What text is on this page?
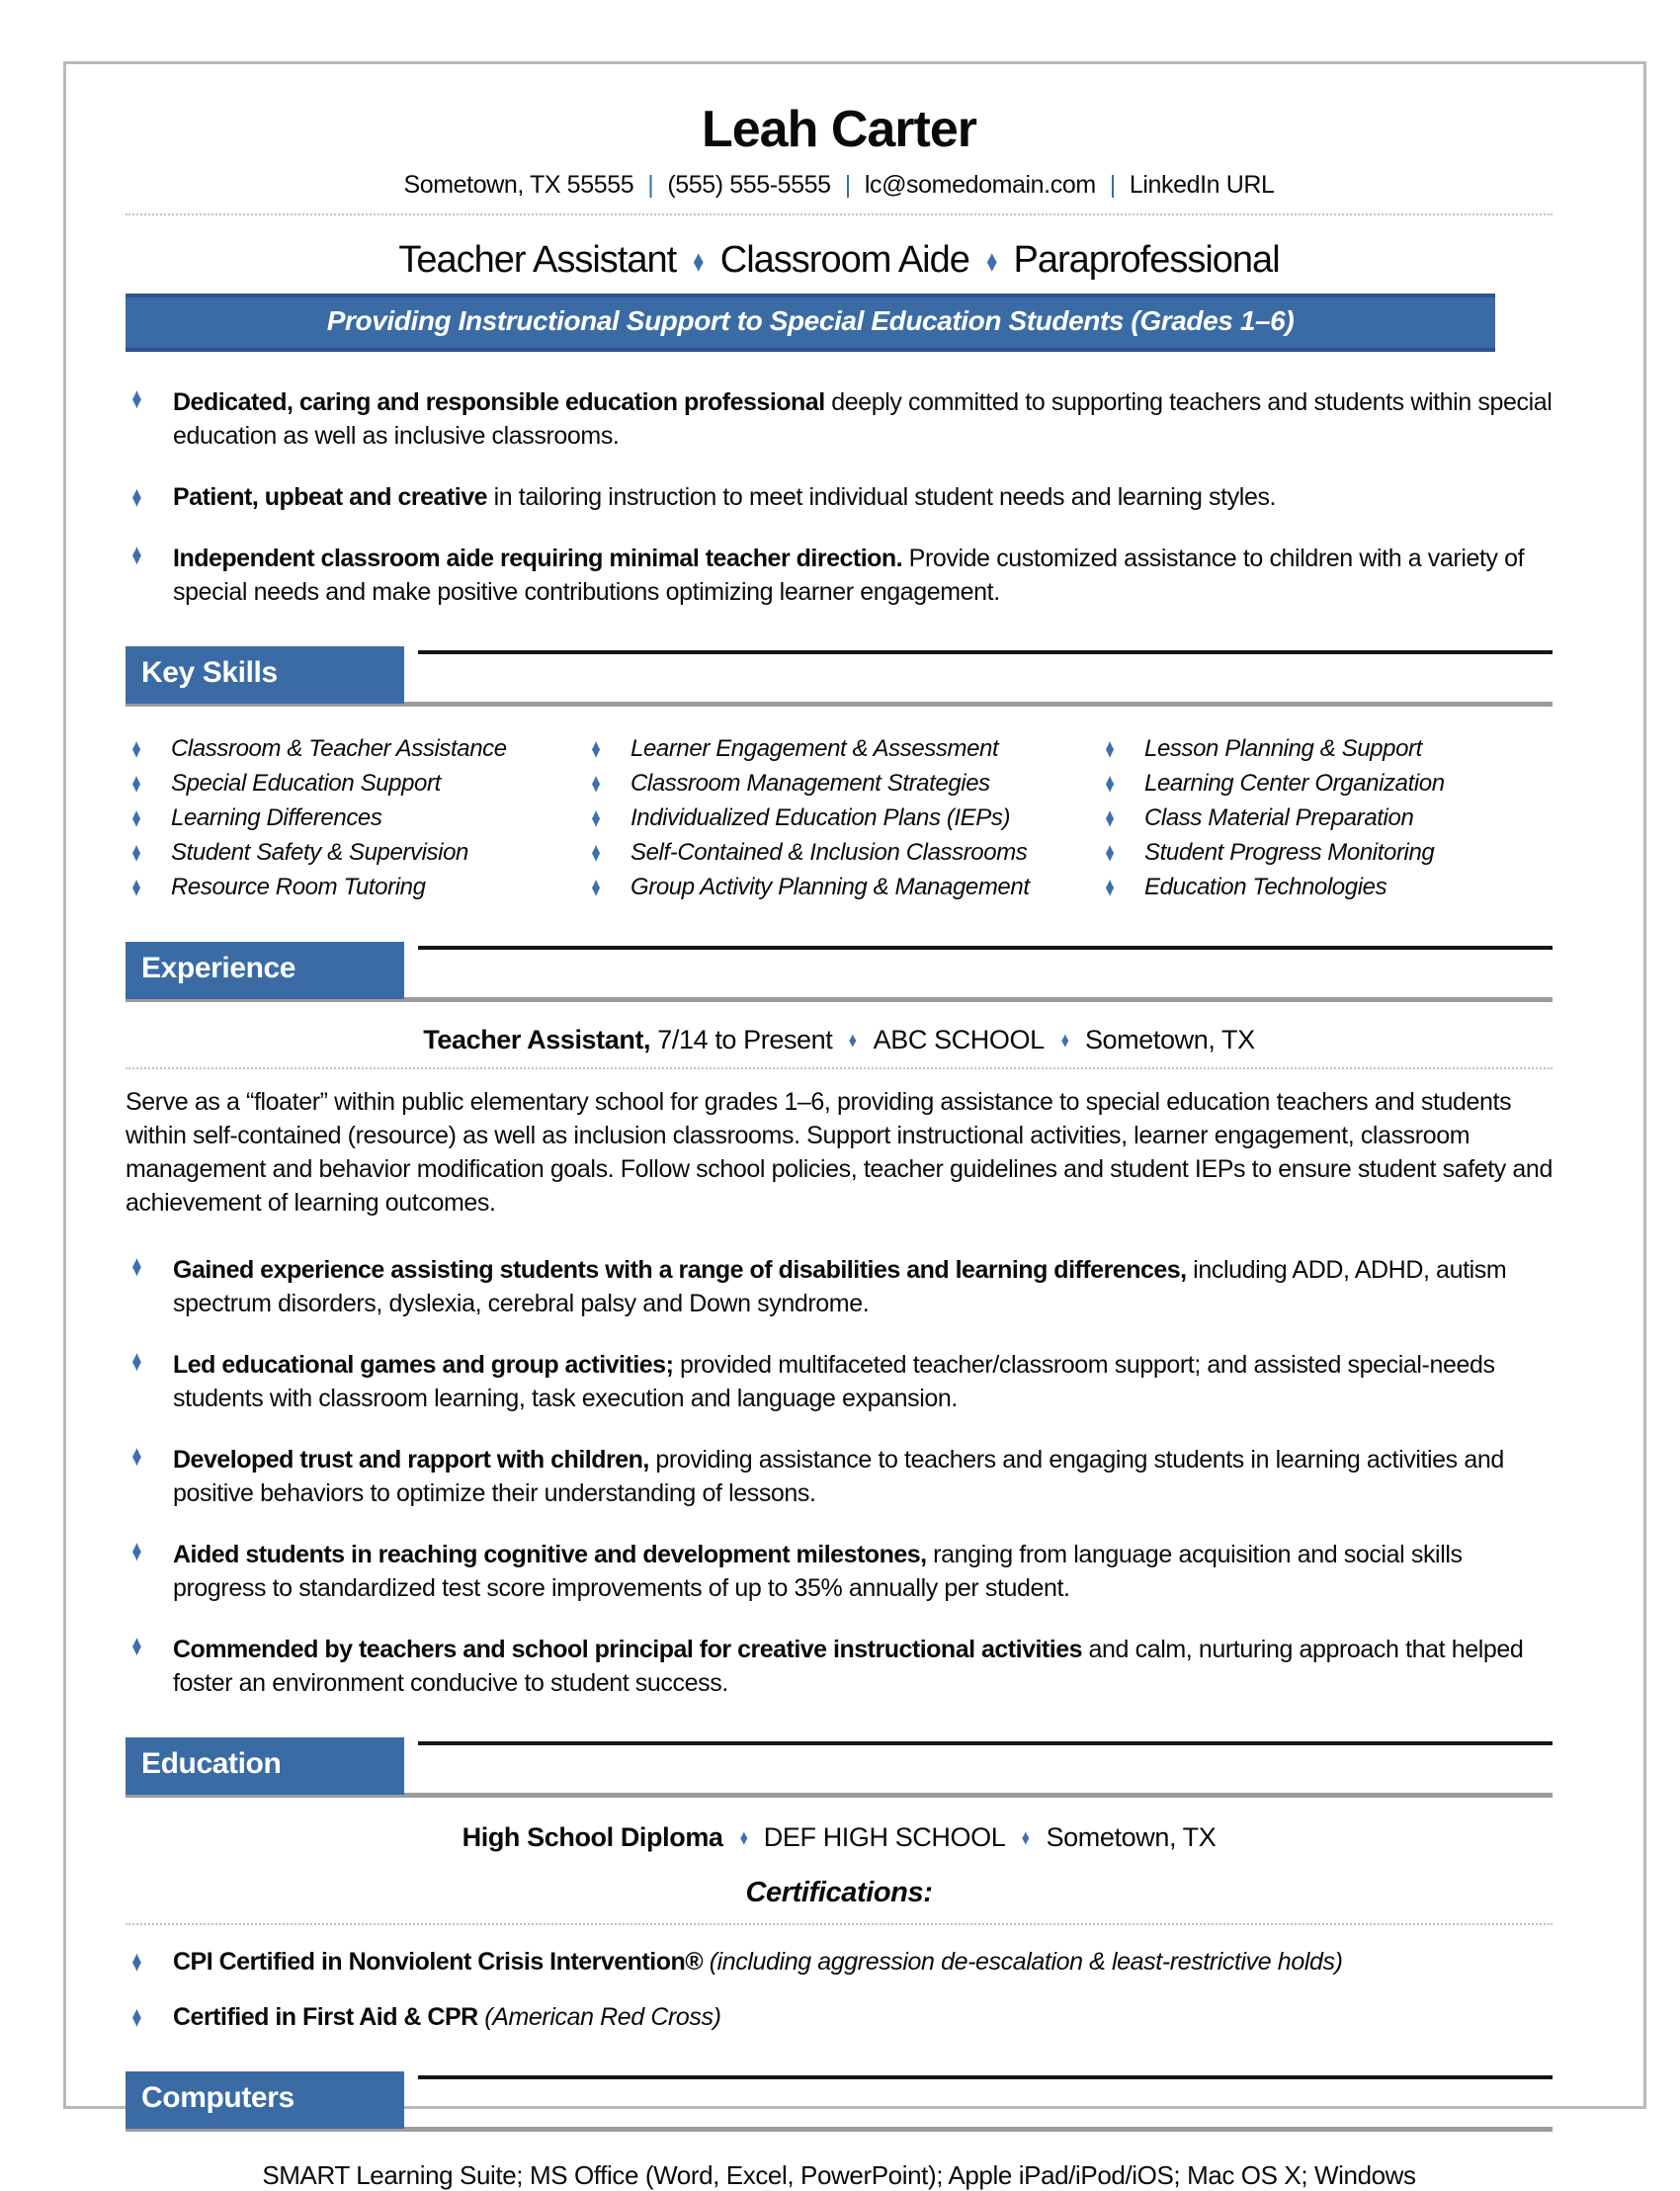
Leah Carter
Sometown, TX 55555 | (555) 555-5555 | lc@somedomain.com | LinkedIn URL
Teacher Assistant ♦ Classroom Aide ♦ Paraprofessional
Providing Instructional Support to Special Education Students (Grades 1–6)
♦	Dedicated, caring and responsible education professional deeply committed to supporting teachers and students within special education as well as inclusive classrooms.

♦	Patient, upbeat and creative in tailoring instruction to meet individual student needs and learning styles.

♦	Independent classroom aide requiring minimal teacher direction. Provide customized assistance to children with a variety of special needs and make positive contributions optimizing learner engagement.

Key Skills
♦	Classroom & Teacher Assistance
♦	Special Education Support
♦	Learning Differences
♦	Student Safety & Supervision
♦	Resource Room Tutoring
♦	Learner Engagement & Assessment
♦	Classroom Management Strategies
♦	Individualized Education Plans (IEPs)
♦	Self-Contained & Inclusion Classrooms
♦	Group Activity Planning & Management
♦	Lesson Planning & Support
♦	Learning Center Organization
♦	Class Material Preparation
♦	Student Progress Monitoring
♦	Education Technologies
Experience
Teacher Assistant, 7/14 to Present ♦ ABC SCHOOL ♦ Sometown, TX

Serve as a “floater” within public elementary school for grades 1–6, providing assistance to special education teachers and students within self-contained (resource) as well as inclusion classrooms. Support instructional activities, learner engagement, classroom management and behavior modification goals. Follow school policies, teacher guidelines and student IEPs to ensure student safety and achievement of learning outcomes.

♦	Gained experience assisting students with a range of disabilities and learning differences, including ADD, ADHD, autism spectrum disorders, dyslexia, cerebral palsy and Down syndrome.

♦	Led educational games and group activities; provided multifaceted teacher/classroom support; and assisted special-needs students with classroom learning, task execution and language expansion.

♦	Developed trust and rapport with children, providing assistance to teachers and engaging students in learning activities and positive behaviors to optimize their understanding of lessons.

♦	Aided students in reaching cognitive and development milestones, ranging from language acquisition and social skills progress to standardized test score improvements of up to 35% annually per student.

♦	Commended by teachers and school principal for creative instructional activities and calm, nurturing approach that helped foster an environment conducive to student success.

Education
High School Diploma ♦ DEF HIGH SCHOOL ♦ Sometown, TX
Certifications:
♦	CPI Certified in Nonviolent Crisis Intervention® (including aggression de-escalation & least-restrictive holds)

♦	Certified in First Aid & CPR (American Red Cross)

Computers
SMART Learning Suite; MS Office (Word, Excel, PowerPoint); Apple iPad/iPod/iOS; Mac OS X; Windows
